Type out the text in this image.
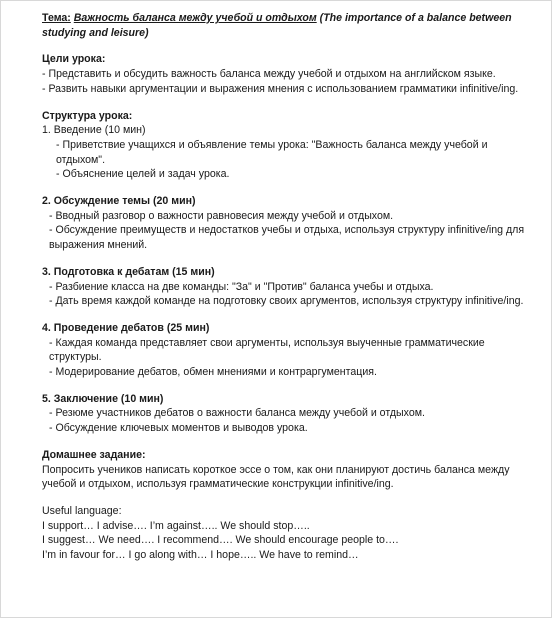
Тема: Важность баланса между учебой и отдыхом (The importance of a balance between studying and leisure)
Цели урока:
- Представить и обсудить важность баланса между учебой и отдыхом на английском языке.
- Развить навыки аргументации и выражения мнения с использованием грамматики infinitive/ing.
Структура урока:
1. Введение (10 мин)
- Приветствие учащихся и объявление темы урока: "Важность баланса между учебой и отдыхом".
- Объяснение целей и задач урока.
2. Обсуждение темы (20 мин)
- Вводный разговор о важности равновесия между учебой и отдыхом.
- Обсуждение преимуществ и недостатков учебы и отдыха, используя структуру infinitive/ing для выражения мнений.
3. Подготовка к дебатам (15 мин)
- Разбиение класса на две команды: "За" и "Против" баланса учебы и отдыха.
- Дать время каждой команде на подготовку своих аргументов, используя структуру infinitive/ing.
4. Проведение дебатов (25 мин)
- Каждая команда представляет свои аргументы, используя выученные грамматические структуры.
- Модерирование дебатов, обмен мнениями и контраргументация.
5. Заключение (10 мин)
- Резюме участников дебатов о важности баланса между учебой и отдыхом.
- Обсуждение ключевых моментов и выводов урока.
Домашнее задание:
Попросить учеников написать короткое эссе о том, как они планируют достичь баланса между учебой и отдыхом, используя грамматические конструкции infinitive/ing.
Useful language:
I support… I advise…. I’m against….. We should stop…..
I suggest… We need…. I recommend…. We should encourage people to….
I’m in favour for… I go along with… I hope….. We have to remind…
